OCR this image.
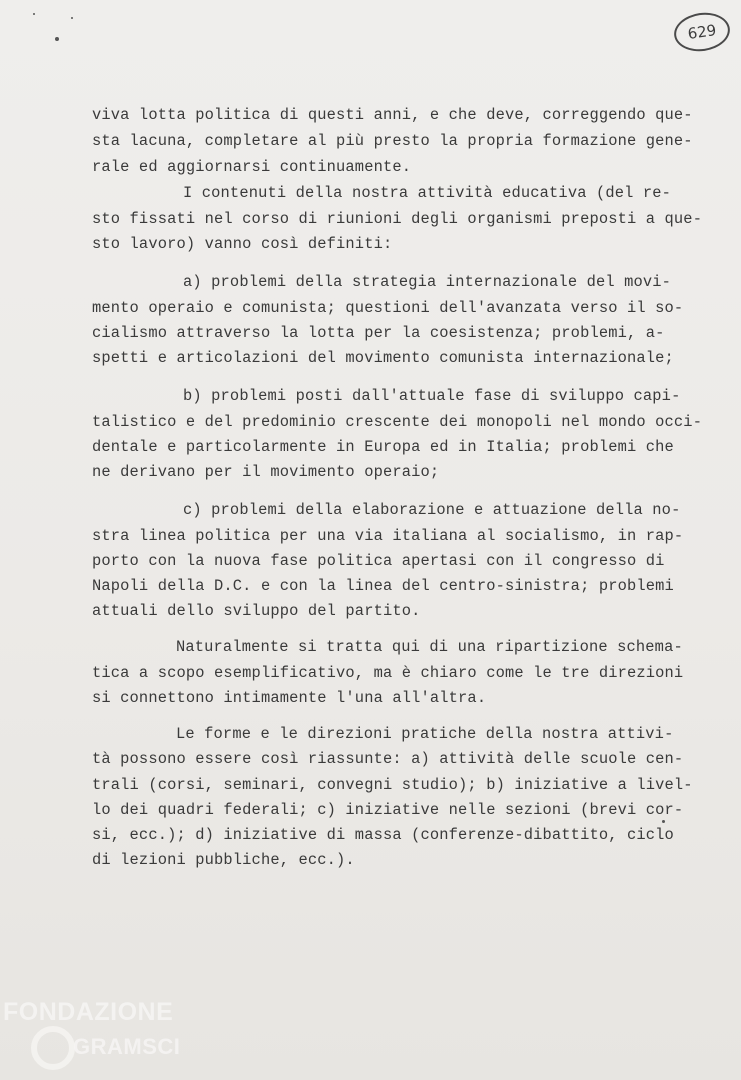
629
viva lotta politica di questi anni, e che deve, correggendo que-
sta lacuna, completare al più presto la propria formazione gene-
rale ed aggiornarsi continuamente.
I contenuti della nostra attività educativa (del re-
sto fissati nel corso di riunioni degli organismi preposti a que-
sto lavoro) vanno così definiti:
a) problemi della strategia internazionale del movi-
mento operaio e comunista; questioni dell'avanzata verso il so-
cialismo attraverso la lotta per la coesistenza; problemi, a-
spetti e articolazioni del movimento comunista internazionale;
b) problemi posti dall'attuale fase di sviluppo capi-
talistico e del predominio crescente dei monopoli nel mondo occi-
dentale e particolarmente in Europa ed in Italia; problemi che
ne derivano per il movimento operaio;
c) problemi della elaborazione e attuazione della no-
stra linea politica per una via italiana al socialismo, in rap-
porto con la nuova fase politica apertasi con il congresso di
Napoli della D.C. e con la linea del centro-sinistra; problemi
attuali dello sviluppo del partito.
Naturalmente si tratta qui di una ripartizione schema-
tica a scopo esemplificativo, ma è chiaro come le tre direzioni
si connettono intimamente l'una all'altra.
Le forme e le direzioni pratiche della nostra attivi-
tà possono essere così riassunte: a) attività delle scuole cen-
trali (corsi, seminari, convegni studio); b) iniziative a livel-
lo dei quadri federali; c) iniziative nelle sezioni (brevi cor-
si, ecc.); d) iniziative di massa (conferenze-dibattito, ciclo
di lezioni pubbliche, ecc.).
FONDAZIONE
GRAMSCI
